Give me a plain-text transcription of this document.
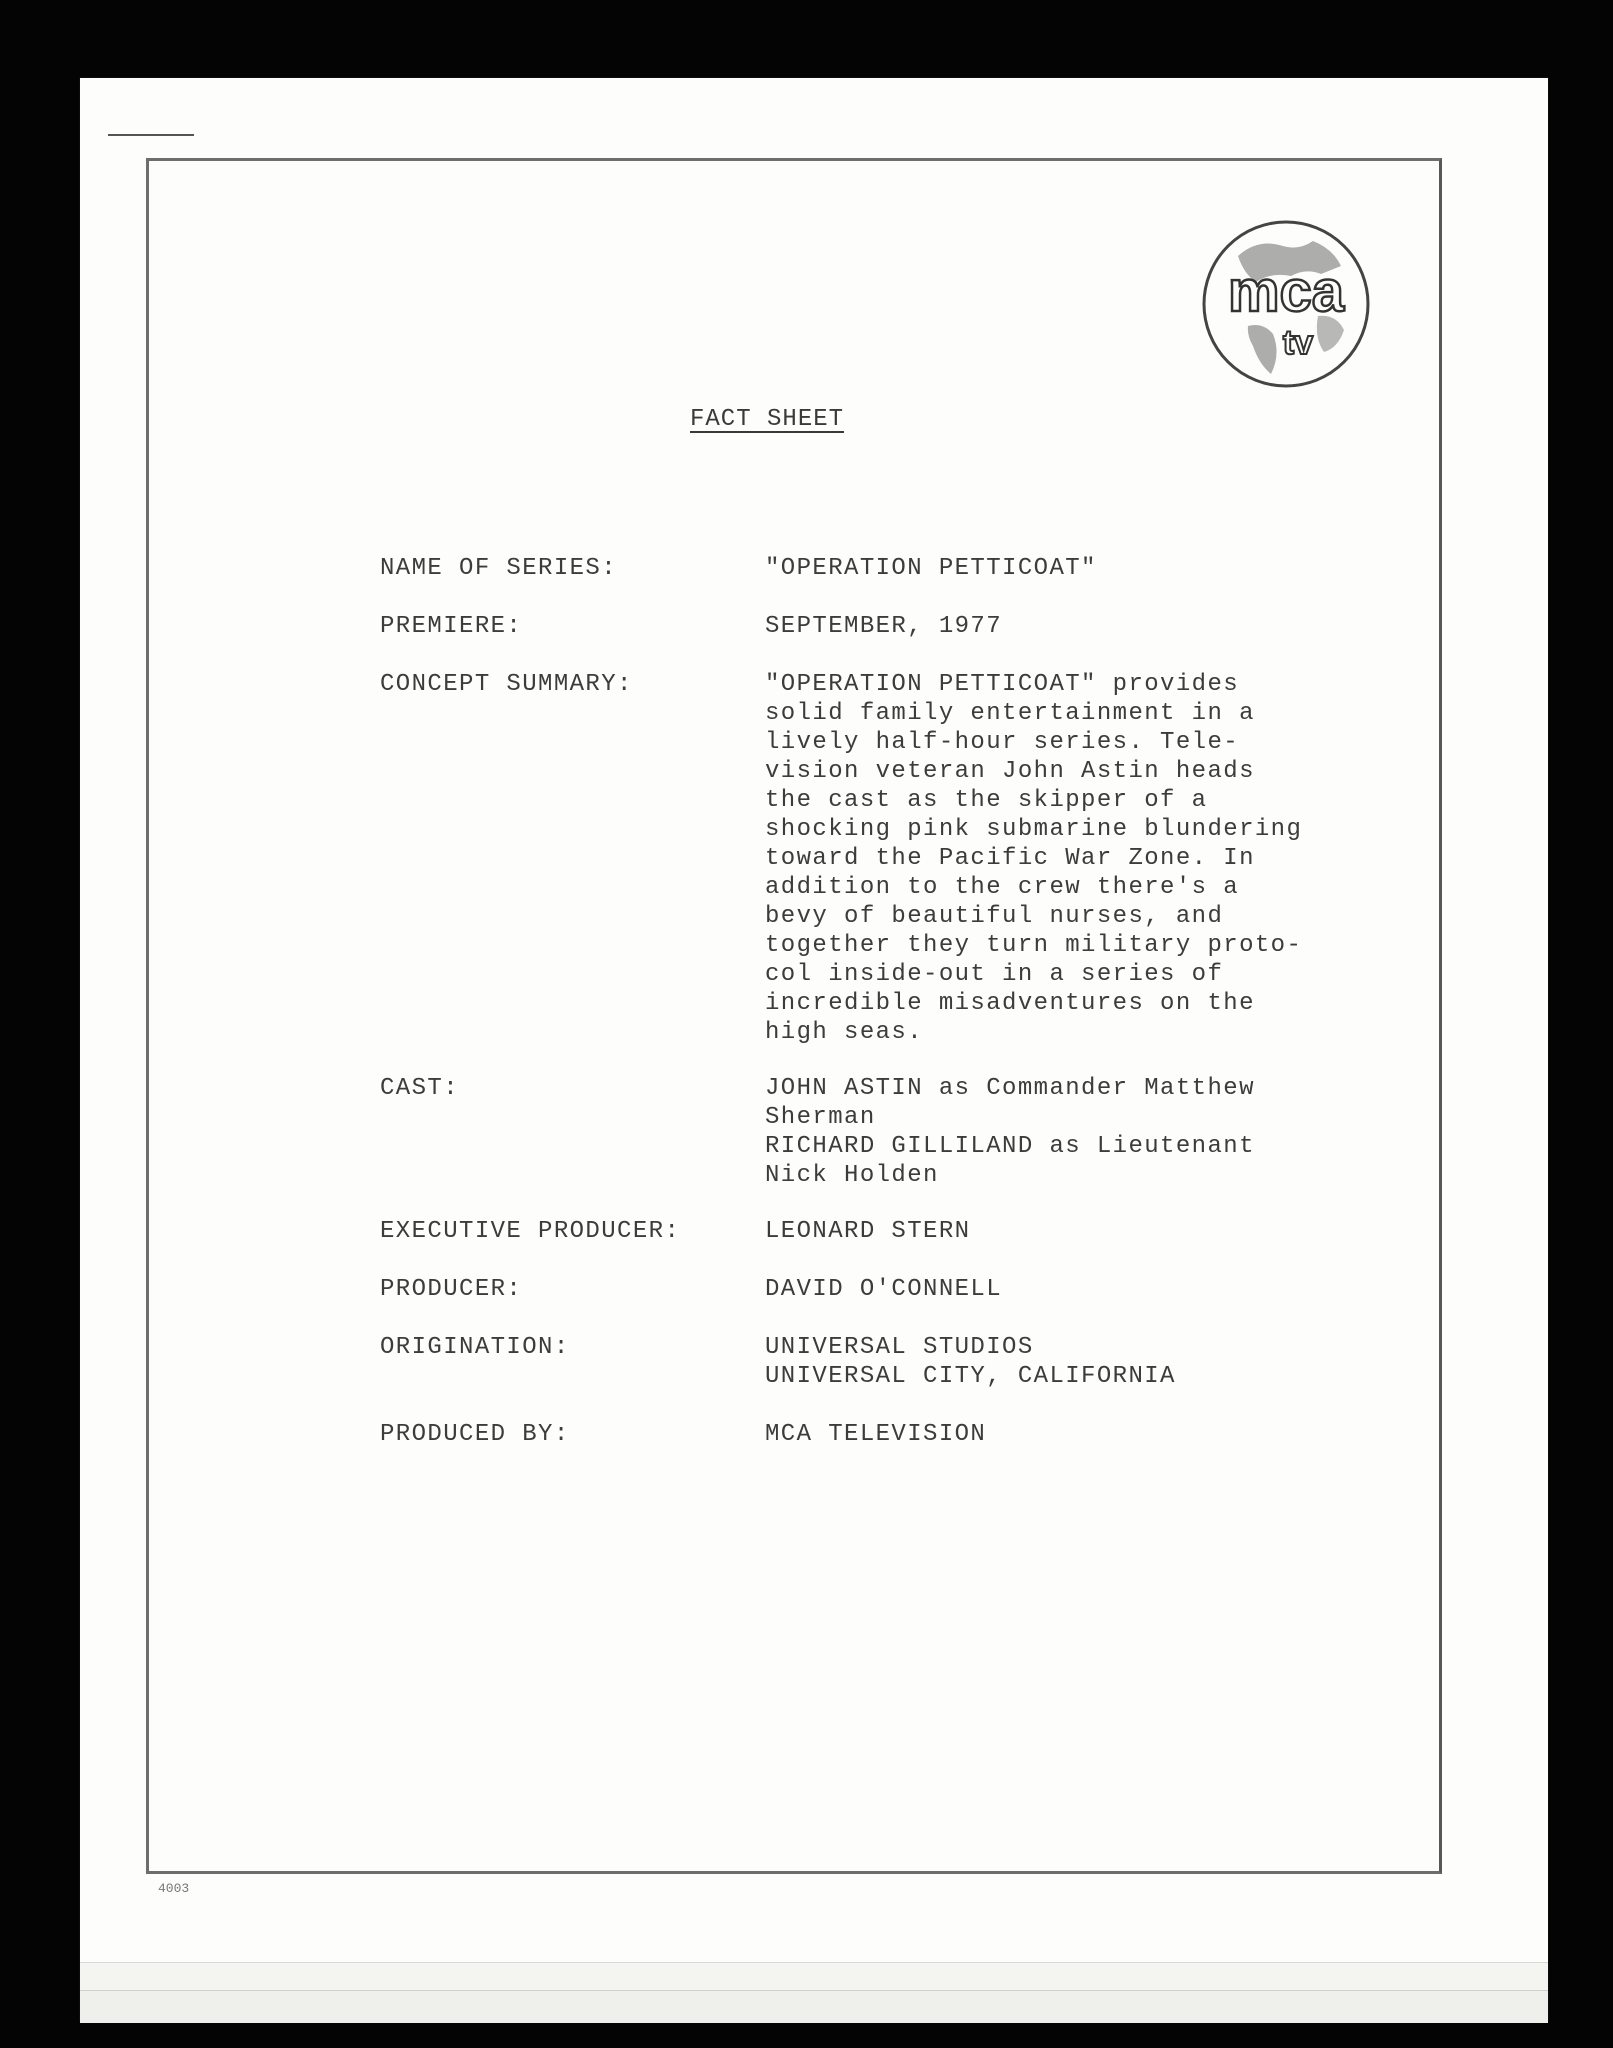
mca
tv
FACT SHEET
NAME OF SERIES:	"OPERATION PETTICOAT"
PREMIERE:	SEPTEMBER, 1977
CONCEPT SUMMARY:	"OPERATION PETTICOAT" provides
solid family entertainment in a
lively half-hour series. Tele-
vision veteran John Astin heads
the cast as the skipper of a
shocking pink submarine blundering
toward the Pacific War Zone. In
addition to the crew there's a
bevy of beautiful nurses, and
together they turn military proto-
col inside-out in a series of
incredible misadventures on the
high seas.
CAST:	JOHN ASTIN as Commander Matthew
Sherman
RICHARD GILLILAND as Lieutenant
Nick Holden
EXECUTIVE PRODUCER:	LEONARD STERN
PRODUCER:	DAVID O'CONNELL
ORIGINATION:	UNIVERSAL STUDIOS
UNIVERSAL CITY, CALIFORNIA
PRODUCED BY:	MCA TELEVISION
4003
